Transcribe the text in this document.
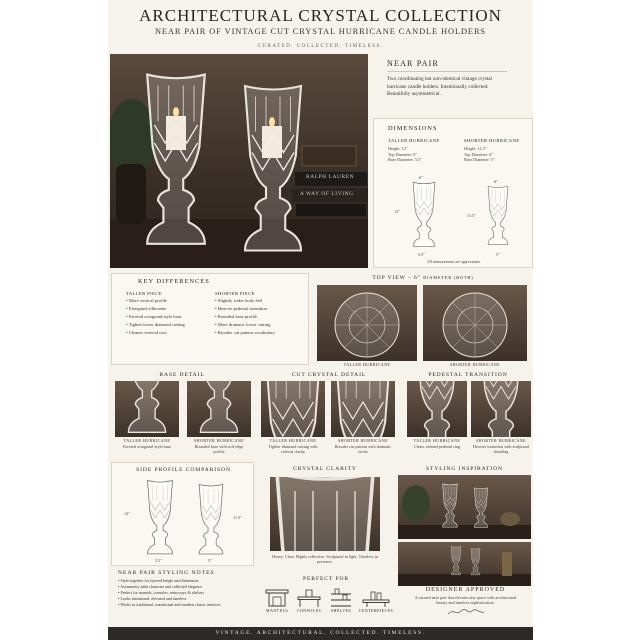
ARCHITECTURAL CRYSTAL COLLECTION
NEAR PAIR OF VINTAGE CUT CRYSTAL HURRICANE CANDLE HOLDERS
CURATED. COLLECTED. TIMELESS.
RALPH LAUREN
A WAY OF LIVING
NEAR PAIR
Two coordinating but non-identical vintage crystal hurricane candle holders. Intentionally collected. Beautifully asymmetrical.
DIMENSIONS
TALLER HURRICANE
Height: 12"
Top Diameter: 6"
Base Diameter: 5.5"
SHORTER HURRICANE
Height: 11.5"
Top Diameter: 6"
Base Diameter: 5"
6"
12"
5.5"
6"
11.5"
5"
All measurements are approximate.
KEY DIFFERENCES
TALLER PIECE
• More vertical profile
• Elongated silhouette
• Faceted octagonal-style base
• Tighter lower diamond cutting
• Cleaner vertical cuts
SHORTER PIECE
• Slightly wider body feel
• Heavier pedestal transition
• Rounded base profile
• More dramatic lower cutting
• Broader cut pattern vocabulary
TOP VIEW – 6" DIAMETER (BOTH)
TALLER HURRICANE	SHORTER HURRICANE
BASE DETAIL
TALLER HURRICANE
Faceted octagonal-style base
SHORTER HURRICANE
Rounded base with soft-edge profile
CUT CRYSTAL DETAIL
TALLER HURRICANE
Tighter diamond cutting with vertical clarity
SHORTER HURRICANE
Broader cut pattern with dramatic facets
PEDESTAL TRANSITION
TALLER HURRICANE
Clean, refined pedestal ring
SHORTER HURRICANE
Heavier transition with sculptural detailing
SIDE PROFILE COMPARISON
12"
11.5"
5.5"	5"
CRYSTAL CLARITY
Heavy. Clear. Highly reflective. Sculptural in light. Timeless in presence.
STYLING INSPIRATION
NEAR PAIR STYLING NOTES
• Style together for layered height and dimension
• Asymmetry adds character and collected elegance
• Perfect for mantels, consoles, entryways & shelves
• Looks intentional, elevated and timeless
• Works in traditional, transitional and modern classic interiors
PERFECT FOR
MANTELS	CONSOLES	SHELVES	CENTERPIECES
DESIGNER APPROVED
A curated near pair that elevates any space with architectural beauty and timeless sophistication.
VINTAGE. ARCHITECTURAL. COLLECTED. TIMELESS.
